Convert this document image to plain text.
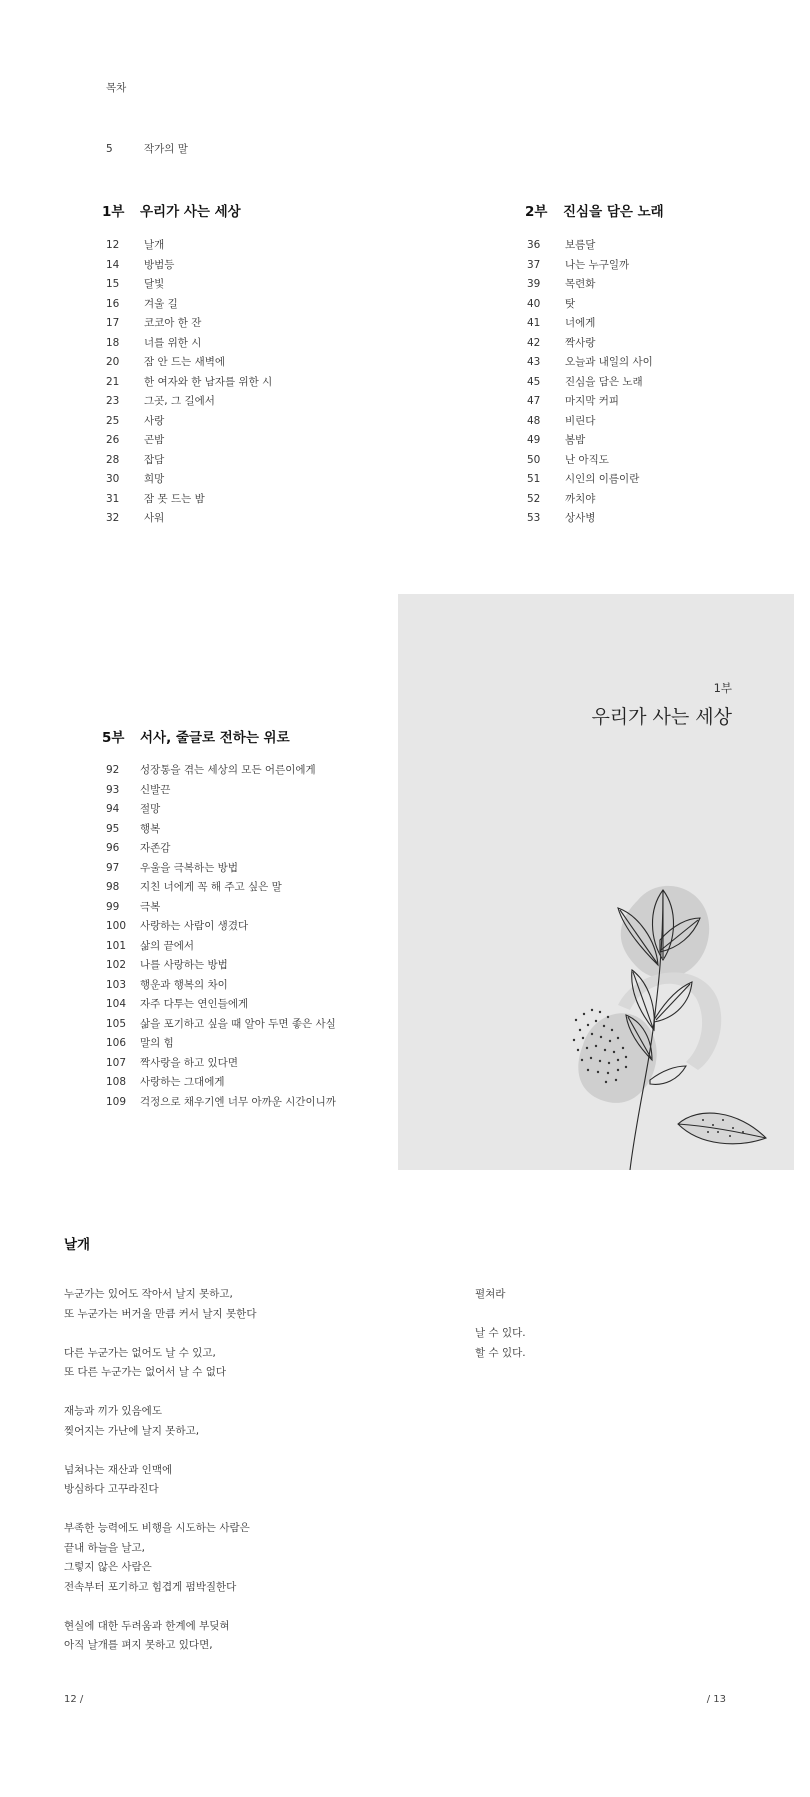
목차
5	작가의 말
1부 우리가 사는 세상
12 날개
14 방범등
15 달빛
16 겨울 길
17 코코아 한 잔
18 너를 위한 시
20 잠 안 드는 새벽에
21 한 여자와 한 남자를 위한 시
23 그곳, 그 길에서
25 사랑
26 곤밤
28 잡담
30 희망
31 잠 못 드는 밤
32 사워
2부 진심을 담은 노래
36 보름달
37 나는 누구일까
39 목련화
40 탓
41 너에게
42 짝사랑
43 오늘과 내일의 사이
45 진심을 담은 노래
47 마지막 커피
48 비린다
49 봄밤
50 난 아직도
51 시인의 이름이란
52 까치야
53 상사병
5부 서사, 줄글로 전하는 위로
92 성장통을 겪는 세상의 모든 어른이에게
93 신발끈
94 절망
95 행복
96 자존감
97 우울을 극복하는 방법
98 지친 너에게 꼭 해 주고 싶은 말
99 극복
100 사랑하는 사람이 생겼다
101 삶의 끝에서
102 나를 사랑하는 방법
103 행운과 행복의 차이
104 자주 다투는 연인들에게
105 삶을 포기하고 싶을 때 알아 두면 좋은 사실
106 말의 힘
107 짝사랑을 하고 있다면
108 사랑하는 그대에게
109 걱정으로 채우기엔 너무 아까운 시간이니까
1부
우리가 사는 세상
날개
누군가는 있어도 작아서 날지 못하고,
또 누군가는 버거울 만큼 커서 날지 못한다
다른 누군가는 없어도 날 수 있고,
또 다른 누군가는 없어서 날 수 없다
재능과 끼가 있음에도
찢어지는 가난에 날지 못하고,
넘쳐나는 재산과 인맥에
방심하다 고꾸라진다
부족한 능력에도 비행을 시도하는 사람은
끝내 하늘을 날고,
그렇지 않은 사람은
전속부터 포기하고 힘겹게 펌박질한다
현실에 대한 두려움과 한계에 부딪혀
아직 날개를 펴지 못하고 있다면,
펼쳐라
날 수 있다.
할 수 있다.
12 /	/ 13
